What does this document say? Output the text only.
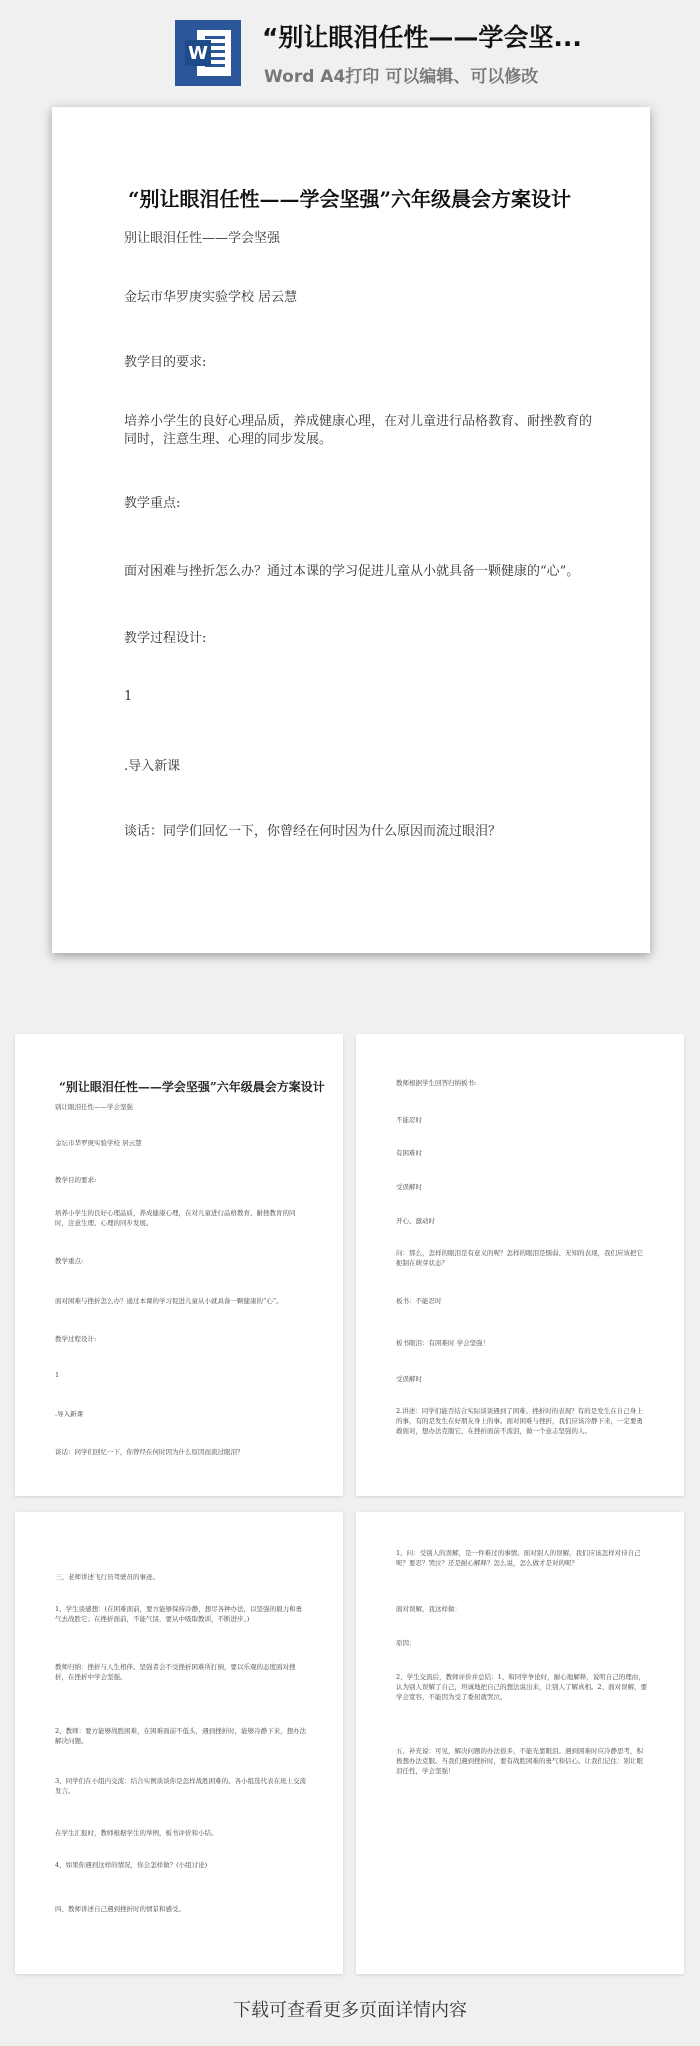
W
“别让眼泪任性——学会坚...
Word A4打印 可以编辑、可以修改
“别让眼泪任性——学会坚强”六年级晨会方案设计
别让眼泪任性——学会坚强
金坛市华罗庚实验学校 居云慧
教学目的要求:
培养小学生的良好心理品质，养成健康心理，在对儿童进行品格教育、耐挫教育的同时，注意生理、心理的同步发展。
教学重点:
面对困难与挫折怎么办？通过本课的学习促进儿童从小就具备一颗健康的“心”。
教学过程设计:
1
.导入新课
谈话：同学们回忆一下，你曾经在何时因为什么原因而流过眼泪？
“别让眼泪任性——学会坚强”六年级晨会方案设计
别让眼泪任性——学会坚强
金坛市华罗庚实验学校 居云慧
教学目的要求:
培养小学生的良好心理品质，养成健康心理，在对儿童进行品格教育、耐挫教育的同时，注意生理、心理的同步发展。
教学重点:
面对困难与挫折怎么办？通过本课的学习促进儿童从小就具备一颗健康的“心”。
教学过程设计:
1
.导入新课
谈话：同学们回忆一下，你曾经在何时因为什么原因而流过眼泪？
教师根据学生回答归纳板书:
不能忍时
有困难时
受误解时
开心、激动时
问：那么，怎样的眼泪是有意义的呢？怎样的眼泪是懦弱、无知的表现，我们应该把它扼制在萌芽状态？
板书：不能忍时
板书眼泪：有困难时 学会坚强！
受误解时
2.讲述：同学们能否结合实际谈谈遇到了困难、挫折时的表现？有的是发生在自己身上的事，有的是发生在好朋友身上的事。面对困难与挫折，我们应该冷静下来，一定要勇敢面对，想办法克服它，在挫折面前不流泪，做一个意志坚强的人。
三、老师讲述飞行员驾驶员的事迹。
1、学生谈感想：(在困难面前，要方能够保持冷静，想尽各种办法，以坚强的毅力和勇气去战胜它；在挫折面前，不能气馁，要从中吸取教训，不断进步。)
教师归纳：挫折与人生相伴。坚强者会不受挫折困难所打倒，要以乐观的态度面对挫折，在挫折中学会坚强。
2、教师：要方能够战胜困难，在困难面前不低头，遇到挫折时，能够冷静下来，想办法解决问题。
3、同学们在小组内交流：结合实例谈谈你是怎样战胜困难的。各小组选代表在班上交流发言。
在学生汇报时，教师根据学生的举例，板书评价和小结。
4、如果你遇到这样的情况，你会怎样做？(小组讨论)
四、教师讲述自己遇到挫折时的情景和感受。
1、问：受别人的误解，是一件难过的事情。面对别人的误解，我们应该怎样对待自己呢？要忍？哭泣？还是耐心解释？怎么说，怎么做才是对的呢？
面对误解，我这样做：
原因：
2、学生交流后，教师评价并总结：1、和同学争论时，耐心地解释，说明自己的理由，认为别人误解了自己，坦诚地把自己的想法说出来，让别人了解真相。2、面对误解，要学会宽容，不能因为受了委屈就哭泣。
五、补充说：可见，解决问题的办法很多，不能光靠眼泪。遇到困难时应冷静思考，积极想办法克服。当我们遇到挫折时，要有战胜困难的勇气和信心。让我们记住：别让眼泪任性，学会坚强！
下载可查看更多页面详情内容
